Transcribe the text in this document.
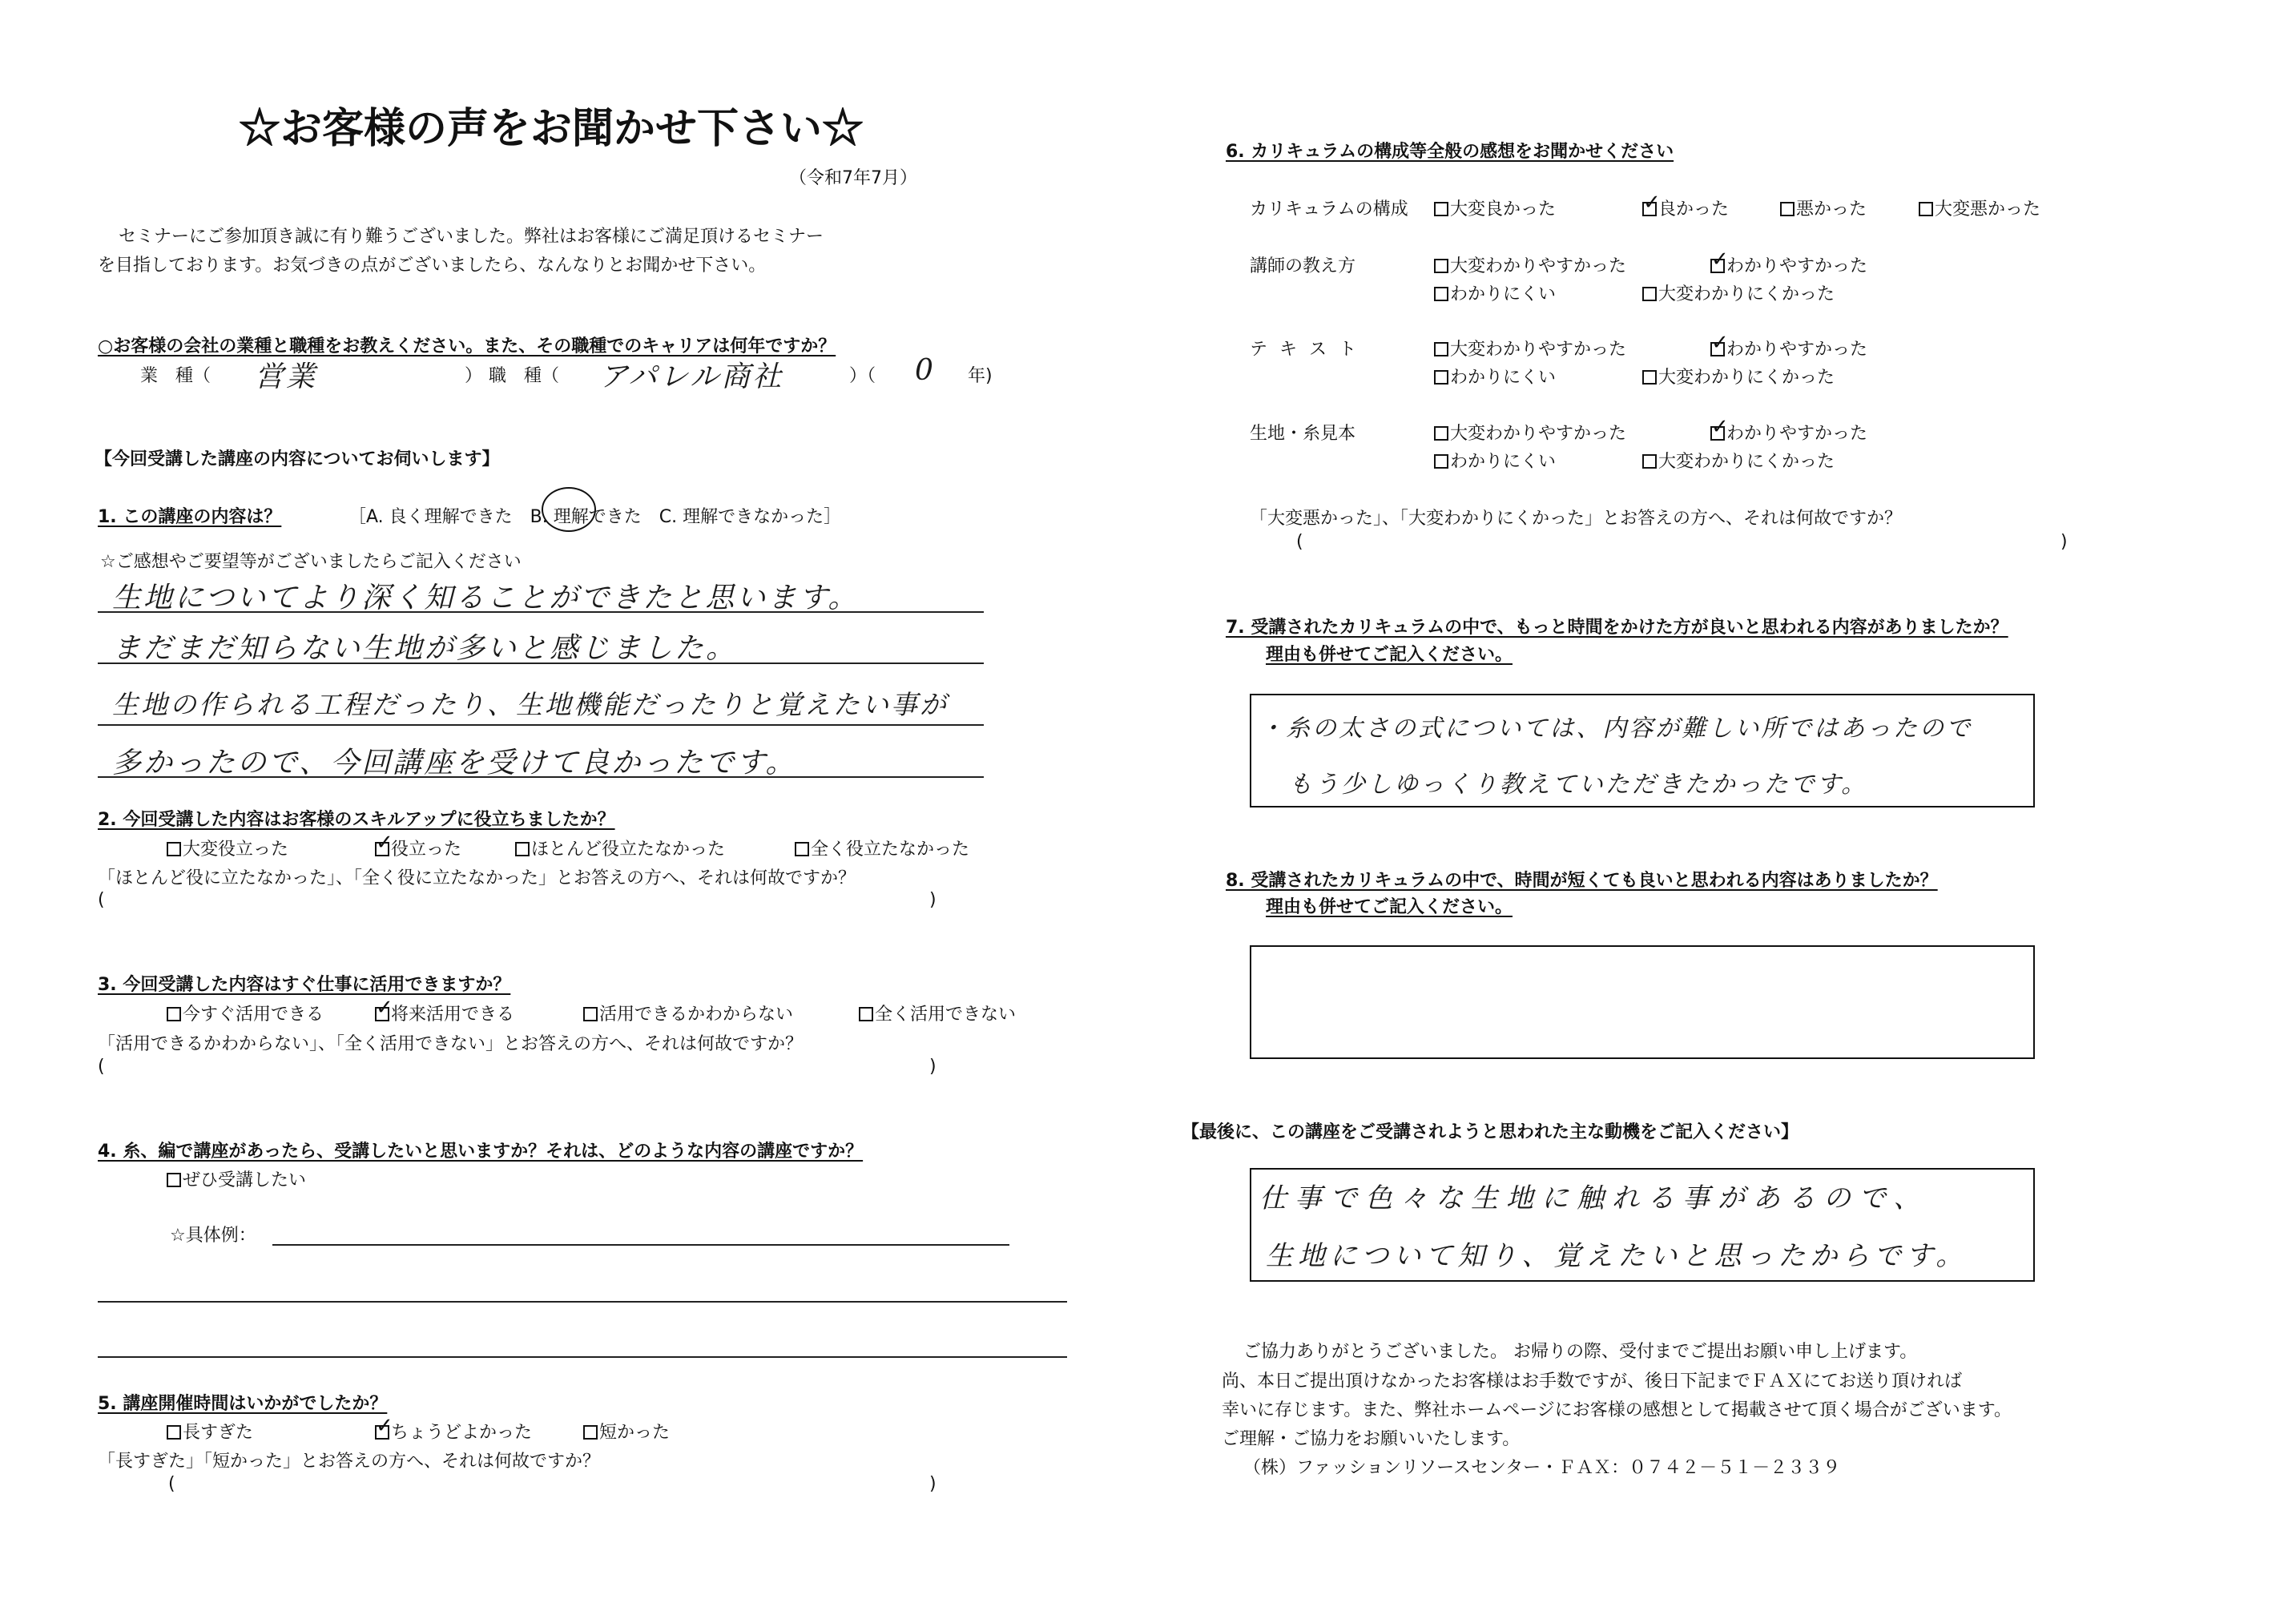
☆お客様の声をお聞かせ下さい☆
（令和7年7月）
セミナーにご参加頂き誠に有り難うございました。弊社はお客様にご満足頂けるセミナー
を目指しております。お気づきの点がございましたら、なんなりとお聞かせ下さい。
○お客様の会社の業種と職種をお教えください。また、その職種でのキャリアは何年ですか？
業　種（ 営業	） 職　種（ アパレル商社	）（ 0 年)
【今回受講した講座の内容についてお伺いします】
1. この講座の内容は？	［A. 良く理解できた　B. 理解できた　C. 理解できなかった］
☆ご感想やご要望等がございましたらご記入ください
生地についてより深く知ることができたと思います。
まだまだ知らない生地が多いと感じました。
生地の作られる工程だったり、生地機能だったりと覚えたい事が
多かったので、今回講座を受けて良かったです。
2. 今回受講した内容はお客様のスキルアップに役立ちましたか？
大変役立った ✓	役立った	ほとんど役立たなかった	全く役立たなかった
「ほとんど役に立たなかった」、「全く役に立たなかった」とお答えの方へ、それは何故ですか？
(	)
3. 今回受講した内容はすぐ仕事に活用できますか？
今すぐ活用できる ✓	将来活用できる	活用できるかわからない	全く活用できない
「活用できるかわからない」、「全く活用できない」とお答えの方へ、それは何故ですか？
(	)
4. 糸、編で講座があったら、受講したいと思いますか？それは、どのような内容の講座ですか？
ぜひ受講したい
☆具体例：
5. 講座開催時間はいかがでしたか？
長すぎた ✓	ちょうどよかった	短かった
「長すぎた」「短かった」とお答えの方へ、それは何故ですか？
(	)
6. カリキュラムの構成等全般の感想をお聞かせください
カリキュラムの構成	大変良かった ✓	良かった	悪かった	大変悪かった
講師の教え方	大変わかりやすかった ✓	わかりやすかった
わかりにくい	大変わかりにくかった
テ キ ス ト	大変わかりやすかった ✓	わかりやすかった
わかりにくい	大変わかりにくかった
生地・糸見本	大変わかりやすかった ✓	わかりやすかった
わかりにくい	大変わかりにくかった
「大変悪かった」、「大変わかりにくかった」とお答えの方へ、それは何故ですか？
(	)
7. 受講されたカリキュラムの中で、もっと時間をかけた方が良いと思われる内容がありましたか？
理由も併せてご記入ください。
・糸の太さの式については、内容が難しい所ではあったので
もう少しゆっくり教えていただきたかったです。
8. 受講されたカリキュラムの中で、時間が短くても良いと思われる内容はありましたか？
理由も併せてご記入ください。
【最後に、この講座をご受講されようと思われた主な動機をご記入ください】
仕事で色々な生地に触れる事があるので、
生地について知り、覚えたいと思ったからです。
ご協力ありがとうございました。 お帰りの際、受付までご提出お願い申し上げます。
尚、本日ご提出頂けなかったお客様はお手数ですが、後日下記までＦＡＸにてお送り頂ければ
幸いに存じます。また、弊社ホームページにお客様の感想として掲載させて頂く場合がございます。
ご理解・ご協力をお願いいたします。
（株）ファッションリソースセンター・ＦＡＸ：０７４２－５１－２３３９
